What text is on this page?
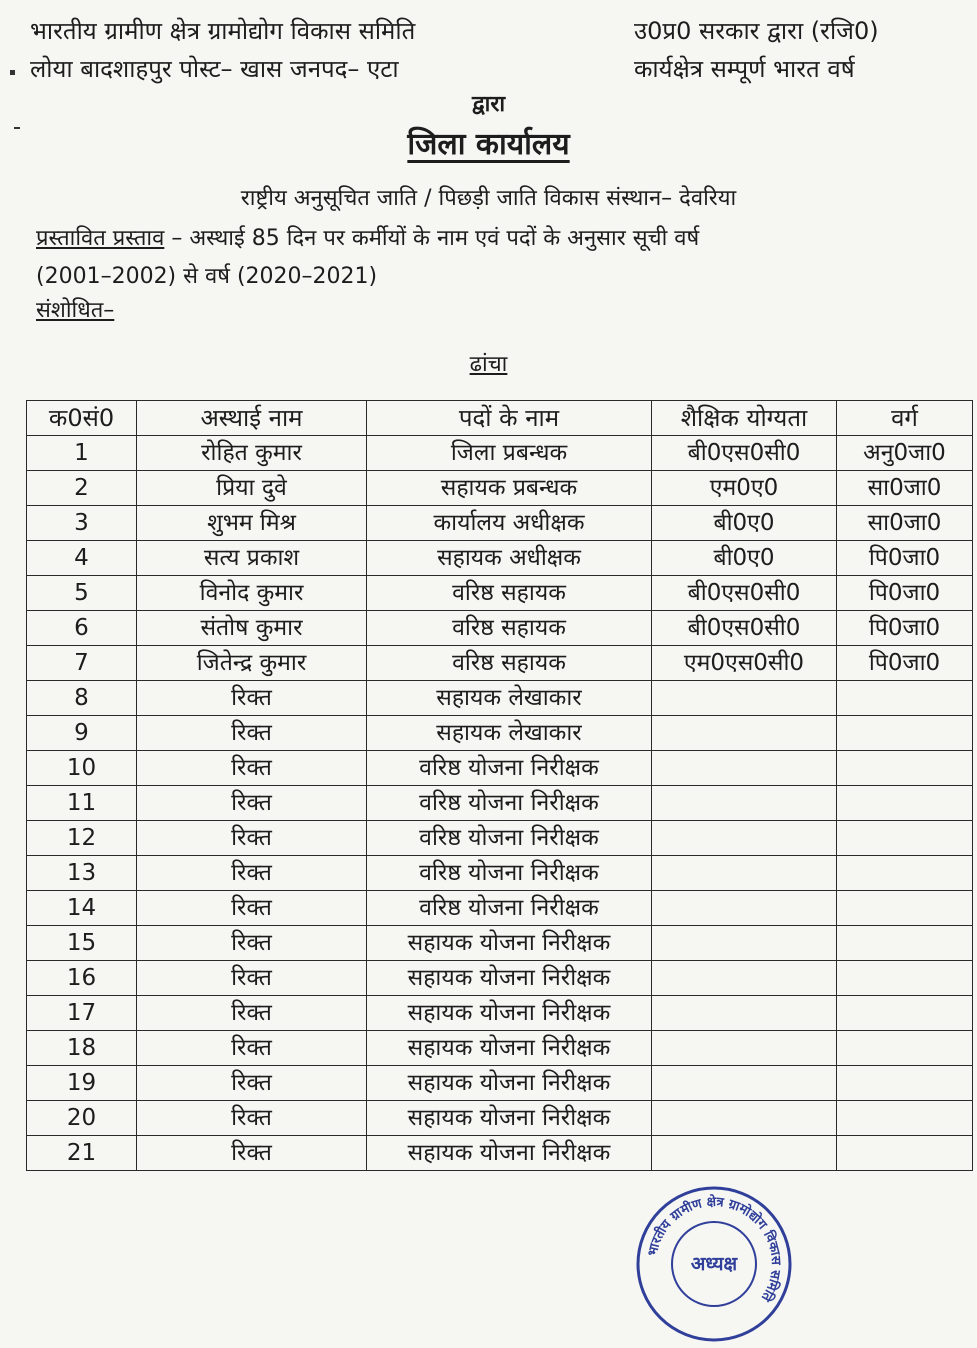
भारतीय ग्रामीण क्षेत्र ग्रामोद्योग विकास समिति
लोया बादशाहपुर पोस्ट– खास जनपद– एटा
उ0प्र0 सरकार द्वारा (रजि0)
कार्यक्षेत्र सम्पूर्ण भारत वर्ष
द्वारा
जिला कार्यालय
राष्ट्रीय अनुसूचित जाति / पिछड़ी जाति विकास संस्थान– देवरिया
प्रस्तावित प्रस्ताव – अस्थाई 85 दिन पर कर्मीयों के नाम एवं पदों के अनुसार सूची वर्ष
(2001–2002) से वर्ष (2020–2021)
संशोधित–
ढांचा
क0सं0	अस्थाई नाम	पदों के नाम	शैक्षिक योग्यता	वर्ग
1	रोहित कुमार	जिला प्रबन्धक	बी0एस0सी0	अनु0जा0
2	प्रिया दुवे	सहायक प्रबन्धक	एम0ए0	सा0जा0
3	शुभम मिश्र	कार्यालय अधीक्षक	बी0ए0	सा0जा0
4	सत्य प्रकाश	सहायक अधीक्षक	बी0ए0	पि0जा0
5	विनोद कुमार	वरिष्ठ सहायक	बी0एस0सी0	पि0जा0
6	संतोष कुमार	वरिष्ठ सहायक	बी0एस0सी0	पि0जा0
7	जितेन्द्र कुमार	वरिष्ठ सहायक	एम0एस0सी0	पि0जा0
8	रिक्त	सहायक लेखाकार		
9	रिक्त	सहायक लेखाकार		
10	रिक्त	वरिष्ठ योजना निरीक्षक		
11	रिक्त	वरिष्ठ योजना निरीक्षक		
12	रिक्त	वरिष्ठ योजना निरीक्षक		
13	रिक्त	वरिष्ठ योजना निरीक्षक		
14	रिक्त	वरिष्ठ योजना निरीक्षक		
15	रिक्त	सहायक योजना निरीक्षक		
16	रिक्त	सहायक योजना निरीक्षक		
17	रिक्त	सहायक योजना निरीक्षक		
18	रिक्त	सहायक योजना निरीक्षक		
19	रिक्त	सहायक योजना निरीक्षक		
20	रिक्त	सहायक योजना निरीक्षक		
21	रिक्त	सहायक योजना निरीक्षक		
भारतीय ग्रामीण क्षेत्र ग्रामोद्योग विकास समिति
अध्यक्ष
